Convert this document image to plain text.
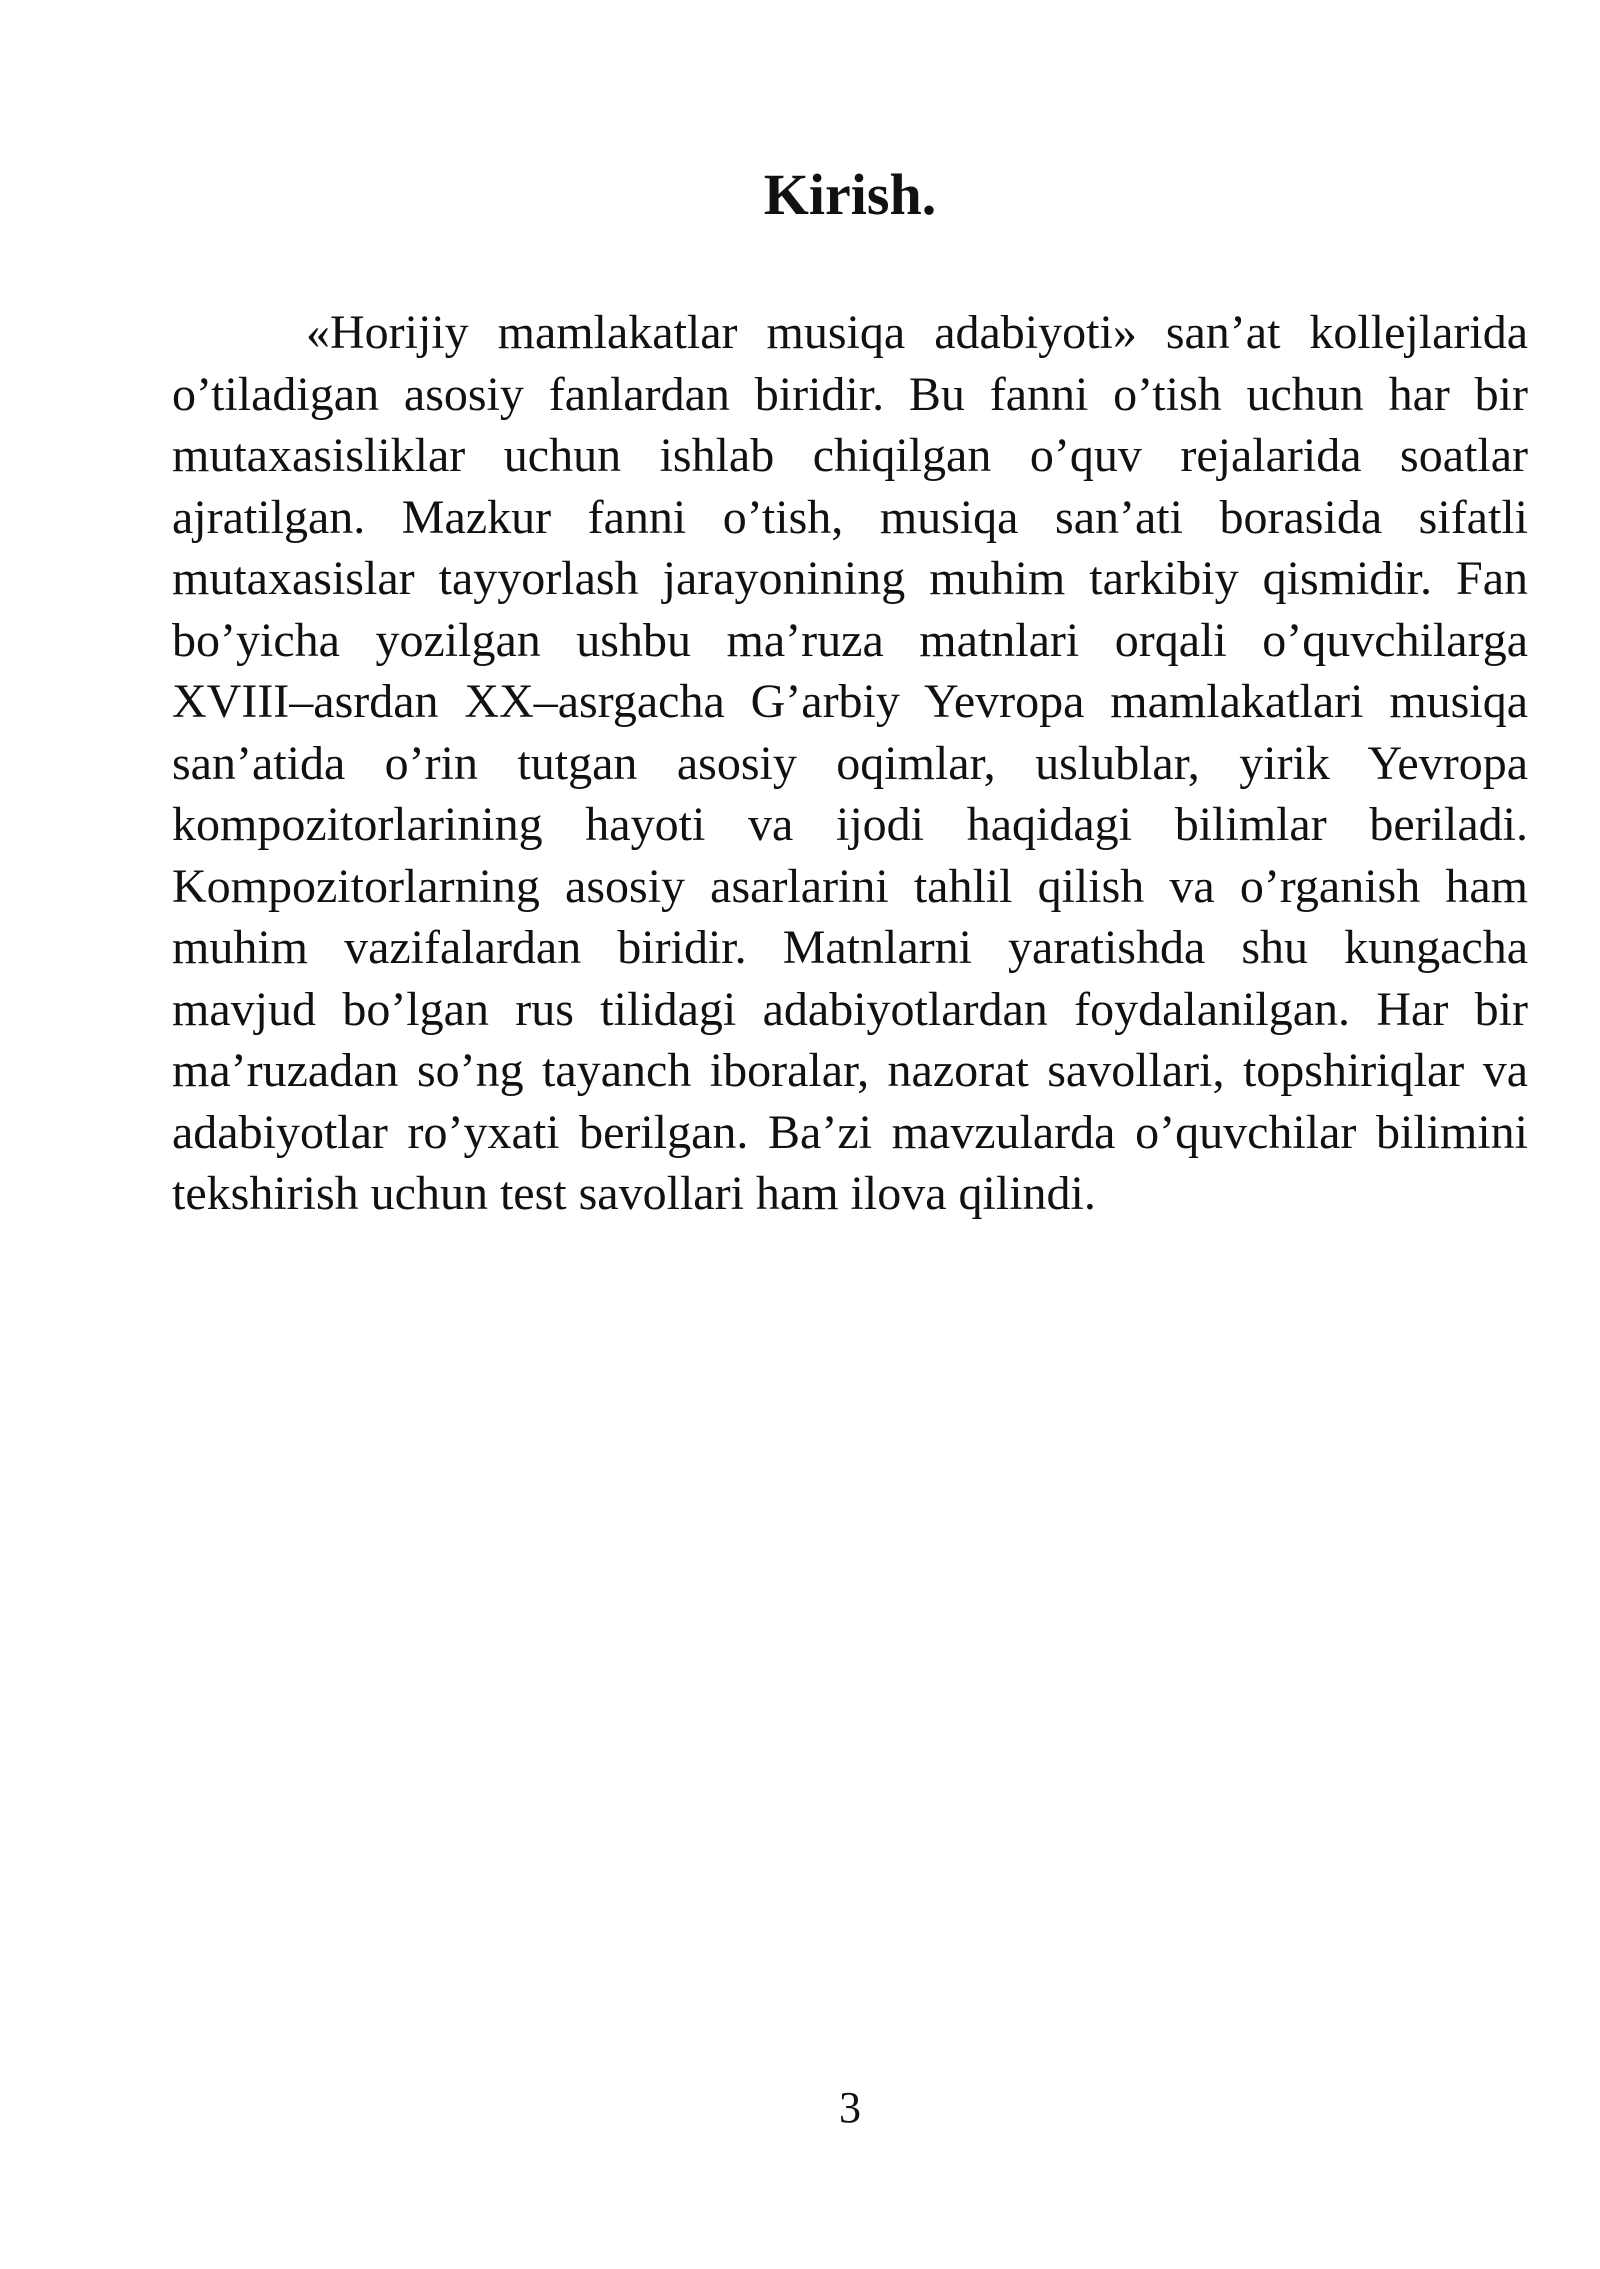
Kirish.

«Horijiy mamlakatlar musiqa adabiyoti» san’at kollejlarida o’tiladigan asosiy fanlardan biridir. Bu fanni o’tish uchun har bir mutaxasisliklar uchun ishlab chiqilgan o’quv rejalarida soatlar ajratilgan. Mazkur fanni o’tish, musiqa san’ati borasida sifatli mutaxasislar tayyorlash jarayonining muhim tarkibiy qismidir. Fan bo’yicha yozilgan ushbu ma’ruza matnlari orqali o’quvchilarga XVIII–asrdan XX–asrgacha G’arbiy Yevropa mamlakatlari musiqa san’atida o’rin tutgan asosiy oqimlar, uslublar, yirik Yevropa kompozitorlarining hayoti va ijodi haqidagi bilimlar beriladi. Kompozitorlarning asosiy asarlarini tahlil qilish va o’rganish ham muhim vazifalardan biridir. Matnlarni yaratishda shu kungacha mavjud bo’lgan rus tilidagi adabiyotlardan foydalanilgan. Har bir ma’ruzadan so’ng tayanch iboralar, nazorat savollari, topshiriqlar va adabiyotlar ro’yxati berilgan. Ba’zi mavzularda o’quvchilar bilimini tekshirish uchun test savollari ham ilova qilindi.

3
